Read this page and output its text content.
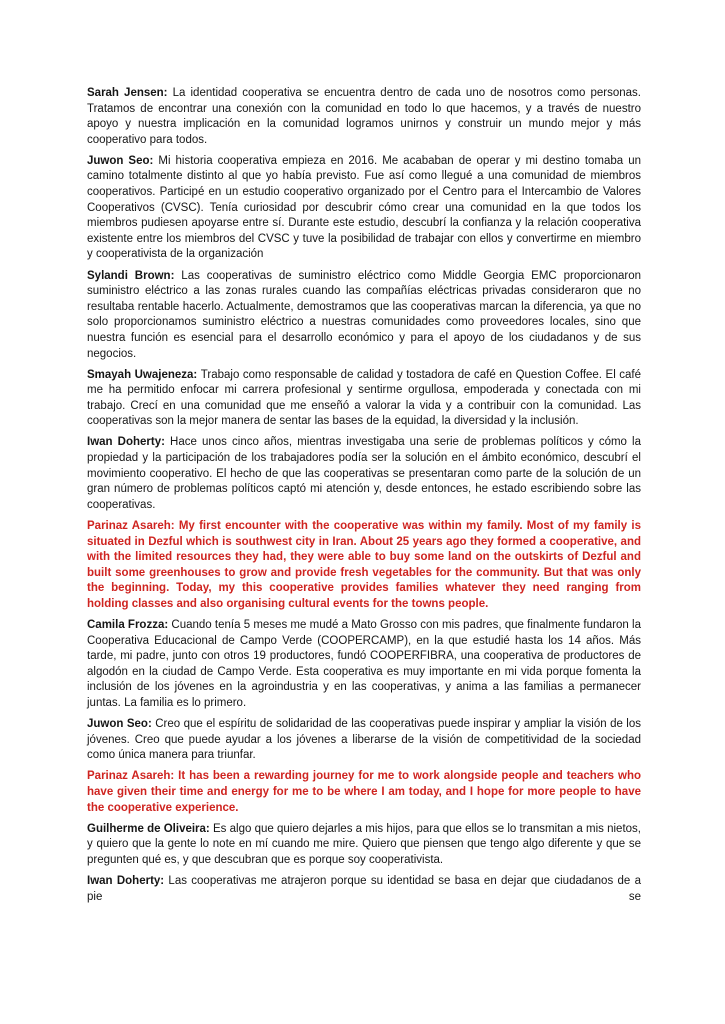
Sarah Jensen: La identidad cooperativa se encuentra dentro de cada uno de nosotros como personas. Tratamos de encontrar una conexión con la comunidad en todo lo que hacemos, y a través de nuestro apoyo y nuestra implicación en la comunidad logramos unirnos y construir un mundo mejor y más cooperativo para todos.

Juwon Seo: Mi historia cooperativa empieza en 2016. Me acababan de operar y mi destino tomaba un camino totalmente distinto al que yo había previsto. Fue así como llegué a una comunidad de miembros cooperativos. Participé en un estudio cooperativo organizado por el Centro para el Intercambio de Valores Cooperativos (CVSC). Tenía curiosidad por descubrir cómo crear una comunidad en la que todos los miembros pudiesen apoyarse entre sí. Durante este estudio, descubrí la confianza y la relación cooperativa existente entre los miembros del CVSC y tuve la posibilidad de trabajar con ellos y convertirme en miembro y cooperativista de la organización

Sylandi Brown: Las cooperativas de suministro eléctrico como Middle Georgia EMC proporcionaron suministro eléctrico a las zonas rurales cuando las compañías eléctricas privadas consideraron que no resultaba rentable hacerlo. Actualmente, demostramos que las cooperativas marcan la diferencia, ya que no solo proporcionamos suministro eléctrico a nuestras comunidades como proveedores locales, sino que nuestra función es esencial para el desarrollo económico y para el apoyo de los ciudadanos y de sus negocios.

Smayah Uwajeneza: Trabajo como responsable de calidad y tostadora de café en Question Coffee. El café me ha permitido enfocar mi carrera profesional y sentirme orgullosa, empoderada y conectada con mi trabajo. Crecí en una comunidad que me enseñó a valorar la vida y a contribuir con la comunidad. Las cooperativas son la mejor manera de sentar las bases de la equidad, la diversidad y la inclusión.

Iwan Doherty: Hace unos cinco años, mientras investigaba una serie de problemas políticos y cómo la propiedad y la participación de los trabajadores podía ser la solución en el ámbito económico, descubrí el movimiento cooperativo. El hecho de que las cooperativas se presentaran como parte de la solución de un gran número de problemas políticos captó mi atención y, desde entonces, he estado escribiendo sobre las cooperativas.

Parinaz Asareh: My first encounter with the cooperative was within my family. Most of my family is situated in Dezful which is southwest city in Iran. About 25 years ago they formed a cooperative, and with the limited resources they had, they were able to buy some land on the outskirts of Dezful and built some greenhouses to grow and provide fresh vegetables for the community. But that was only the beginning. Today, my this cooperative provides families whatever they need ranging from holding classes and also organising cultural events for the towns people.

Camila Frozza: Cuando tenía 5 meses me mudé a Mato Grosso con mis padres, que finalmente fundaron la Cooperativa Educacional de Campo Verde (COOPERCAMP), en la que estudié hasta los 14 años. Más tarde, mi padre, junto con otros 19 productores, fundó COOPERFIBRA, una cooperativa de productores de algodón en la ciudad de Campo Verde. Esta cooperativa es muy importante en mi vida porque fomenta la inclusión de los jóvenes en la agroindustria y en las cooperativas, y anima a las familias a permanecer juntas. La familia es lo primero.

Juwon Seo: Creo que el espíritu de solidaridad de las cooperativas puede inspirar y ampliar la visión de los jóvenes. Creo que puede ayudar a los jóvenes a liberarse de la visión de competitividad de la sociedad como única manera para triunfar.

Parinaz Asareh: It has been a rewarding journey for me to work alongside people and teachers who have given their time and energy for me to be where I am today, and I hope for more people to have the cooperative experience.

Guilherme de Oliveira: Es algo que quiero dejarles a mis hijos, para que ellos se lo transmitan a mis nietos, y quiero que la gente lo note en mí cuando me mire. Quiero que piensen que tengo algo diferente y que se pregunten qué es, y que descubran que es porque soy cooperativista.

Iwan Doherty: Las cooperativas me atrajeron porque su identidad se basa en dejar que ciudadanos de a pie se
